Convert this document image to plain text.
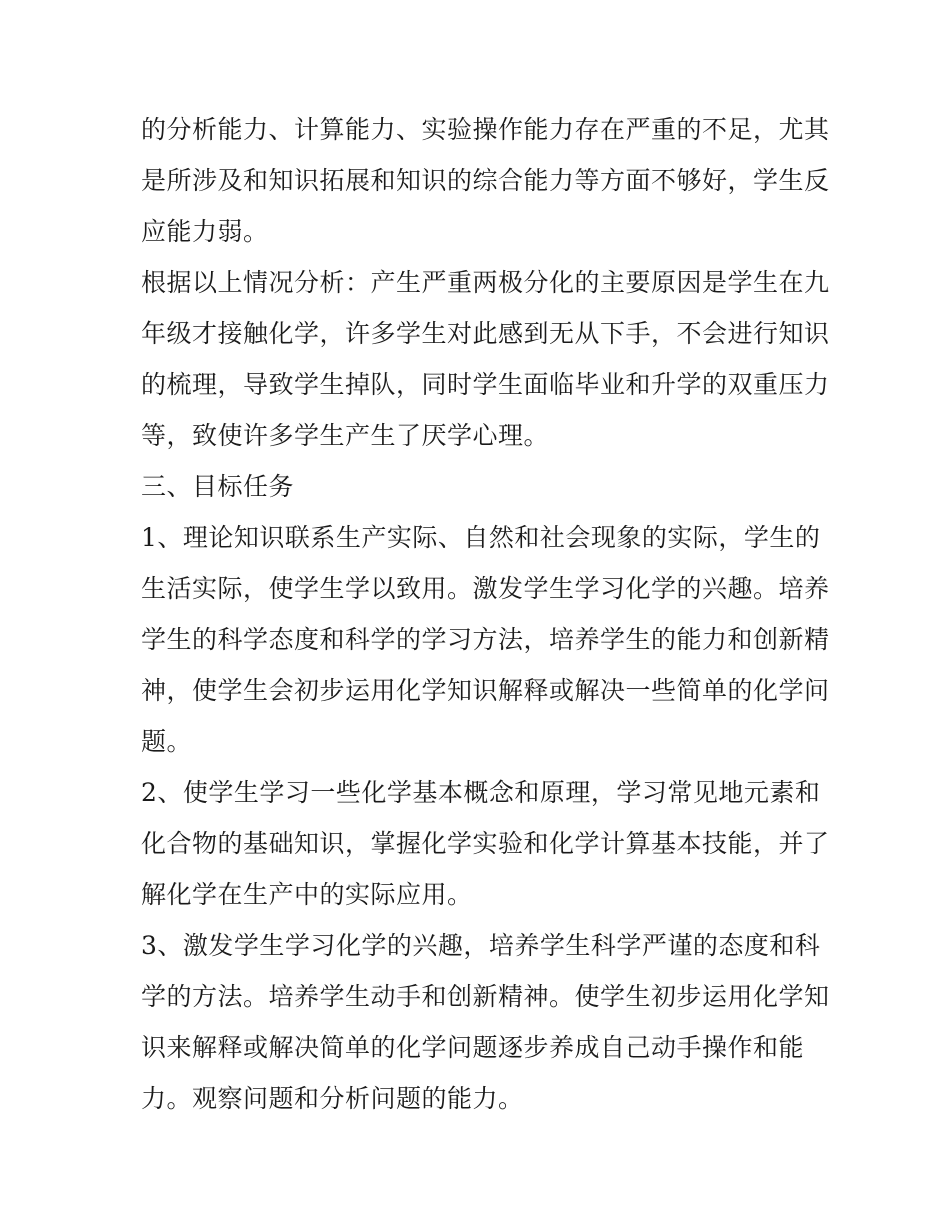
的分析能力、计算能力、实验操作能力存在严重的不足，尤其
是所涉及和知识拓展和知识的综合能力等方面不够好，学生反
应能力弱。
根据以上情况分析：产生严重两极分化的主要原因是学生在九
年级才接触化学，许多学生对此感到无从下手，不会进行知识
的梳理，导致学生掉队，同时学生面临毕业和升学的双重压力
等，致使许多学生产生了厌学心理。
三、目标任务
1、理论知识联系生产实际、自然和社会现象的实际，学生的
生活实际，使学生学以致用。激发学生学习化学的兴趣。培养
学生的科学态度和科学的学习方法，培养学生的能力和创新精
神，使学生会初步运用化学知识解释或解决一些简单的化学问
题。
2、使学生学习一些化学基本概念和原理，学习常见地元素和
化合物的基础知识，掌握化学实验和化学计算基本技能，并了
解化学在生产中的实际应用。
3、激发学生学习化学的兴趣，培养学生科学严谨的态度和科
学的方法。培养学生动手和创新精神。使学生初步运用化学知
识来解释或解决简单的化学问题逐步养成自己动手操作和能
力。观察问题和分析问题的能力。
